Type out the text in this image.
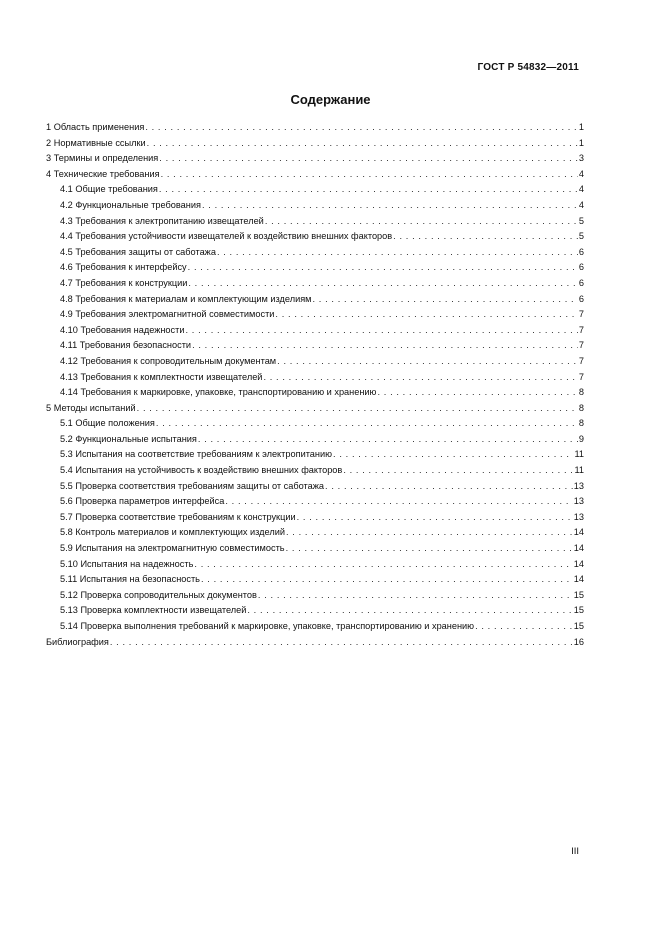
ГОСТ Р 54832—2011
Содержание
1 Область применения . . .	1
2 Нормативные ссылки . . .	1
3 Термины и определения . . .	3
4 Технические требования . . .	4
4.1 Общие требования . . .	4
4.2 Функциональные требования . . .	4
4.3 Требования к электропитанию извещателей . . .	5
4.4 Требования устойчивости извещателей к воздействию внешних факторов . . .	5
4.5 Требования защиты от саботажа . . .	6
4.6 Требования к интерфейсу . . .	6
4.7 Требования к конструкции . . .	6
4.8 Требования к материалам и комплектующим изделиям . . .	6
4.9 Требования электромагнитной совместимости . . .	7
4.10 Требования надежности . . .	7
4.11 Требования безопасности . . .	7
4.12 Требования к сопроводительным документам . . .	7
4.13 Требования к комплектности извещателей . . .	7
4.14 Требования к маркировке, упаковке, транспортированию и хранению . . .	8
5 Методы испытаний . . .	8
5.1 Общие положения . . .	8
5.2 Функциональные испытания . . .	9
5.3 Испытания на соответствие требованиям к электропитанию . . .	11
5.4 Испытания на устойчивость к воздействию внешних факторов . . .	11
5.5 Проверка соответствия требованиям защиты от саботажа . . .	13
5.6 Проверка параметров интерфейса . . .	13
5.7 Проверка соответствие требованиям к конструкции . . .	13
5.8 Контроль материалов и комплектующих изделий . . .	14
5.9 Испытания на электромагнитную совместимость . . .	14
5.10 Испытания на надежность . . .	14
5.11 Испытания на безопасность . . .	14
5.12 Проверка сопроводительных документов . . .	15
5.13 Проверка комплектности извещателей . . .	15
5.14 Проверка выполнения требований к маркировке, упаковке, транспортированию и хранению . . .	15
Библиография . . .	16
III
